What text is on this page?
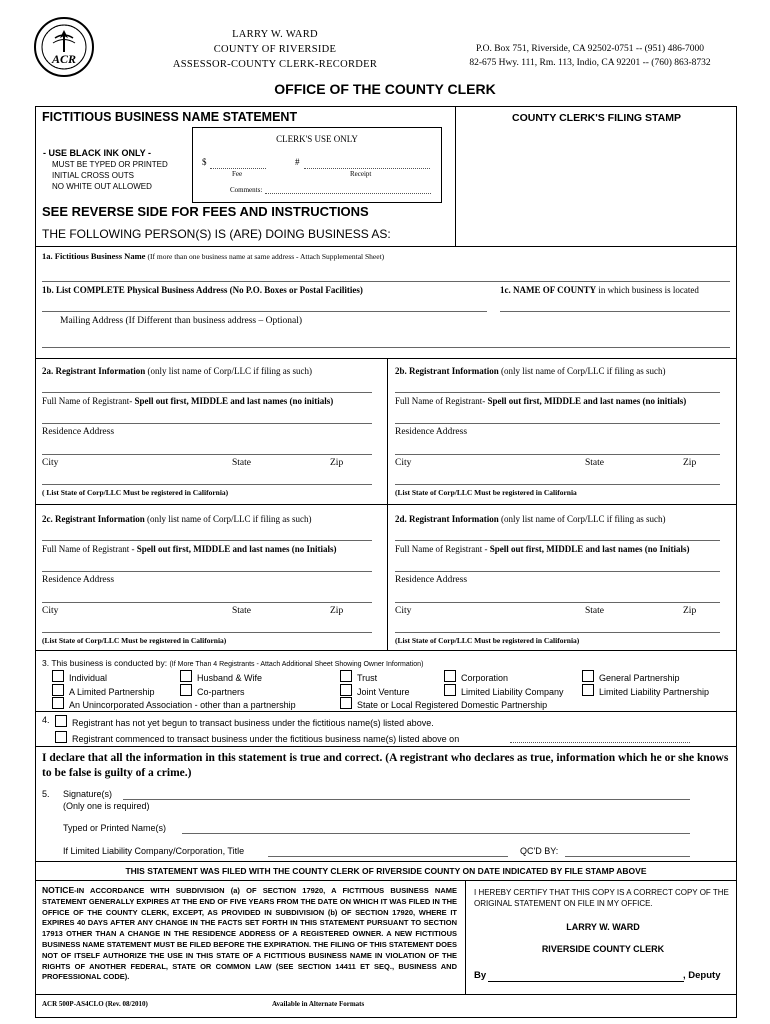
ACR
LARRY W. WARD
COUNTY OF RIVERSIDE
ASSESSOR-COUNTY CLERK-RECORDER
P.O. Box 751, Riverside, CA 92502-0751 -- (951) 486-7000
82-675 Hwy. 111, Rm. 113, Indio, CA 92201 -- (760) 863-8732
OFFICE OF THE COUNTY CLERK
FICTITIOUS BUSINESS NAME STATEMENT	COUNTY CLERK'S FILING STAMP
CLERK'S USE ONLY
$
Fee
#
Receipt
Comments:
- USE BLACK INK ONLY -
MUST BE TYPED OR PRINTED
INITIAL CROSS OUTS
NO WHITE OUT ALLOWED
SEE REVERSE SIDE FOR FEES AND INSTRUCTIONS
THE FOLLOWING PERSON(S) IS (ARE) DOING BUSINESS AS:
1a. Fictitious Business Name (If more than one business name at same address - Attach Supplemental Sheet)
1b. List COMPLETE Physical Business Address (No P.O. Boxes or Postal Facilities)	1c. NAME OF COUNTY in which business is located
Mailing Address (If Different than business address – Optional)
2a. Registrant Information (only list name of Corp/LLC if filing as such)
Full Name of Registrant- Spell out first, MIDDLE and last names (no initials)
Residence Address
City	State	Zip
( List State of Corp/LLC Must be registered in California)
2b. Registrant Information (only list name of Corp/LLC if filing as such)
Full Name of Registrant- Spell out first, MIDDLE and last names (no initials)
Residence Address
City	State	Zip
(List State of Corp/LLC Must be registered in California
2c. Registrant Information (only list name of Corp/LLC if filing as such)
Full Name of Registrant - Spell out first, MIDDLE and last names (no Initials)
Residence Address
City	State	Zip
(List State of Corp/LLC Must be registered in California)
2d. Registrant Information (only list name of Corp/LLC if filing as such)
Full Name of Registrant - Spell out first, MIDDLE and last names (no Initials)
Residence Address
City	State	Zip
(List State of Corp/LLC Must be registered in California)
3. This business is conducted by: (If More Than 4 Registrants - Attach Additional Sheet Showing Owner Information)
Individual	Husband & Wife	Trust	Corporation	General Partnership
A Limited Partnership	Co-partners	Joint Venture	Limited Liability Company	Limited Liability Partnership
An Unincorporated Association - other than a partnership	State or Local Registered Domestic Partnership
4.	Registrant has not yet begun to transact business under the fictitious name(s) listed above.
Registrant commenced to transact business under the fictitious business name(s) listed above on
I declare that all the information in this statement is true and correct. (A registrant who declares as true, information which he or she knows to be false is guilty of a crime.)
5. Signature(s)
(Only one is required)
Typed or Printed Name(s)
If Limited Liability Company/Corporation, Title	QC'D BY:
THIS STATEMENT WAS FILED WITH THE COUNTY CLERK OF RIVERSIDE COUNTY ON DATE INDICATED BY FILE STAMP ABOVE
NOTICE-IN ACCORDANCE WITH SUBDIVISION (a) OF SECTION 17920, A FICTITIOUS BUSINESS NAME STATEMENT GENERALLY EXPIRES AT THE END OF FIVE YEARS FROM THE DATE ON WHICH IT WAS FILED IN THE OFFICE OF THE COUNTY CLERK, EXCEPT, AS PROVIDED IN SUBDIVISION (b) OF SECTION 17920, WHERE IT EXPIRES 40 DAYS AFTER ANY CHANGE IN THE FACTS SET FORTH IN THIS STATEMENT PURSUANT TO SECTION 17913 OTHER THAN A CHANGE IN THE RESIDENCE ADDRESS OF A REGISTERED OWNER. A NEW FICTITIOUS BUSINESS NAME STATEMENT MUST BE FILED BEFORE THE EXPIRATION. THE FILING OF THIS STATEMENT DOES NOT OF ITSELF AUTHORIZE THE USE IN THIS STATE OF A FICTITIOUS BUSINESS NAME IN VIOLATION OF THE RIGHTS OF ANOTHER FEDERAL, STATE OR COMMON LAW (SEE SECTION 14411 ET SEQ., BUSINESS AND PROFESSIONAL CODE).
I HEREBY CERTIFY THAT THIS COPY IS A CORRECT COPY OF THE ORIGINAL STATEMENT ON FILE IN MY OFFICE.
LARRY W. WARD
RIVERSIDE COUNTY CLERK
By	, Deputy
ACR 500P-AS4CLO (Rev. 08/2010)	Available in Alternate Formats
